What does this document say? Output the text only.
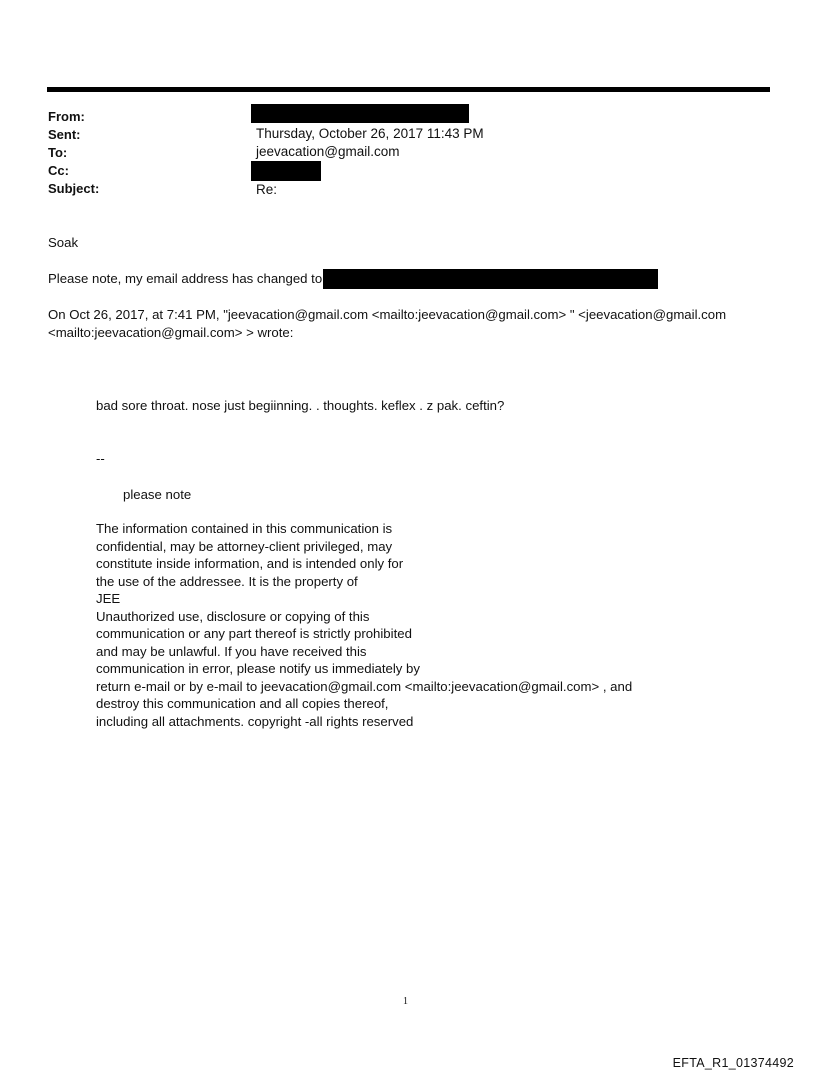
From:
Sent:	Thursday, October 26, 2017 11:43 PM
To:	jeevacation@gmail.com
Cc:
Subject:	Re:
Soak
Please note, my email address has changed to
On Oct 26, 2017, at 7:41 PM, "jeevacation@gmail.com <mailto:jeevacation@gmail.com> " <jeevacation@gmail.com
<mailto:jeevacation@gmail.com> > wrote:
bad sore throat. nose just begiinning. . thoughts. keflex . z pak. ceftin?
--
please note
The information contained in this communication is
confidential, may be attorney-client privileged, may
constitute inside information, and is intended only for
the use of the addressee. It is the property of
JEE
Unauthorized use, disclosure or copying of this
communication or any part thereof is strictly prohibited
and may be unlawful. If you have received this
communication in error, please notify us immediately by
return e-mail or by e-mail to jeevacation@gmail.com <mailto:jeevacation@gmail.com> , and
destroy this communication and all copies thereof,
including all attachments. copyright -all rights reserved
1
EFTA_R1_01374492
